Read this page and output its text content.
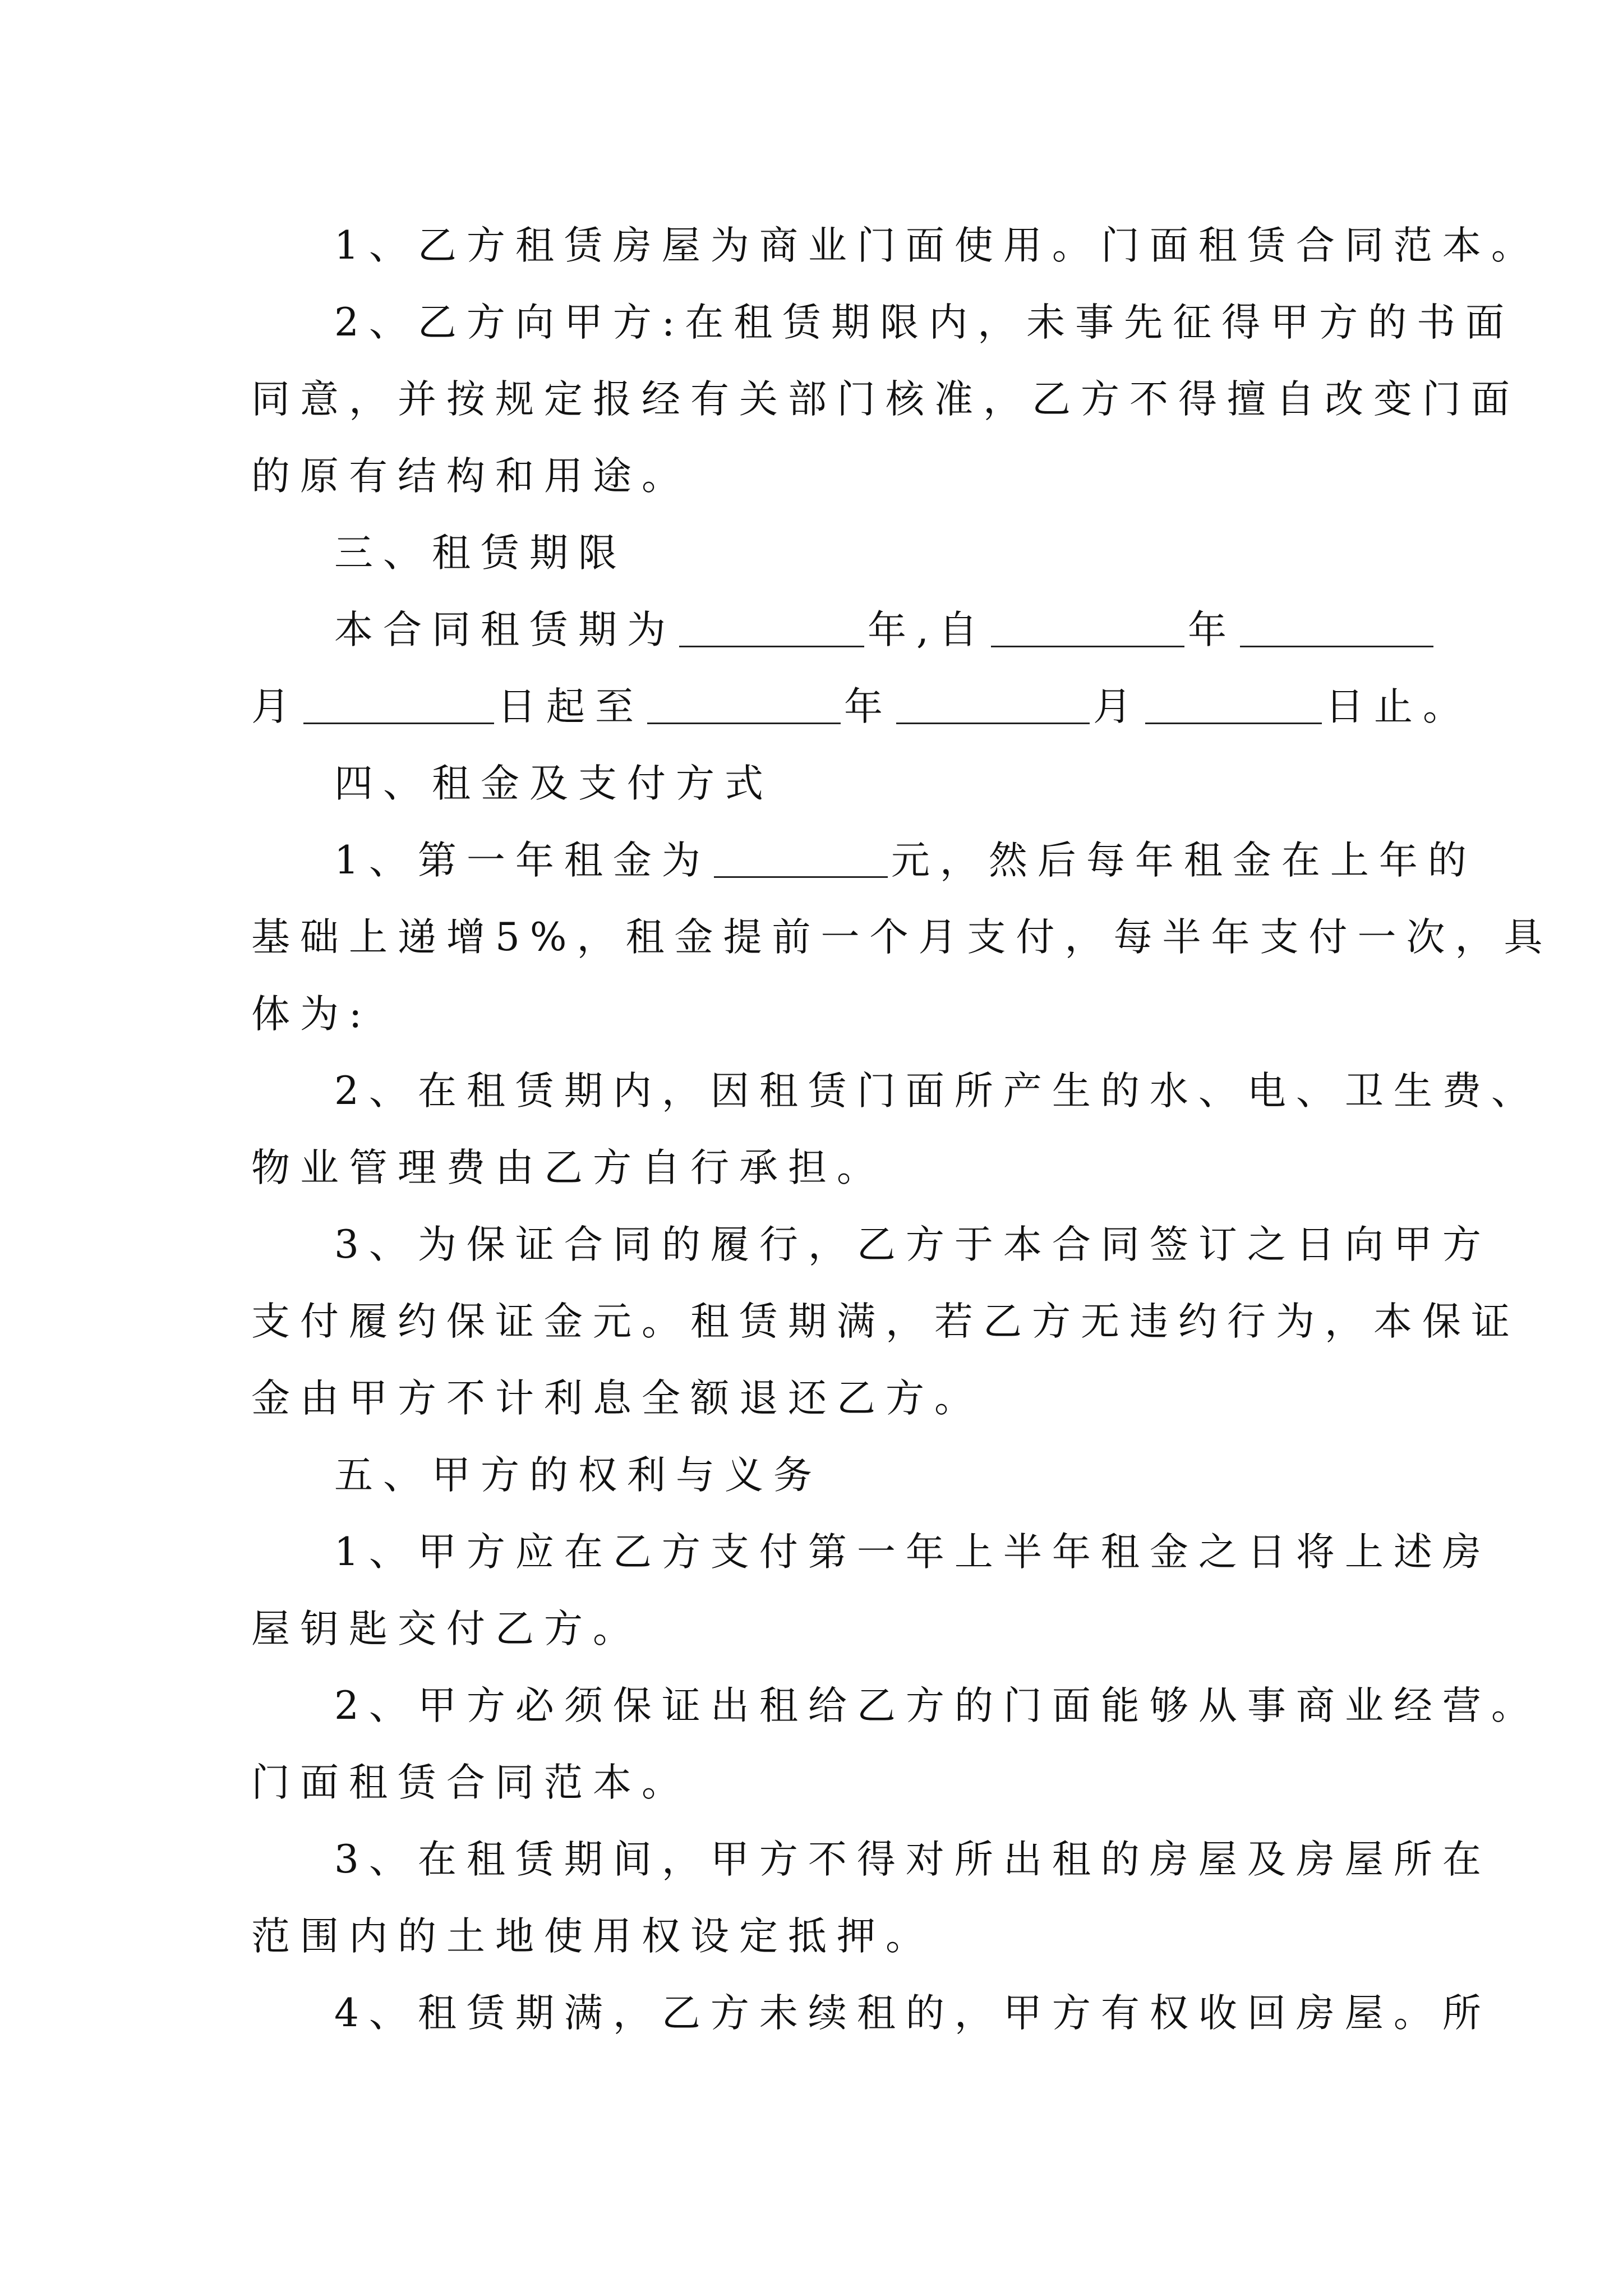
1、乙方租赁房屋为商业门面使用。门面租赁合同范本。
2、乙方向甲方:在租赁期限内，未事先征得甲方的书面
同意，并按规定报经有关部门核准，乙方不得擅自改变门面
的原有结构和用途。
三、租赁期限
本合同租赁期为	年,自	年
月	日起至	年	月	日止。
四、租金及支付方式
1、第一年租金为	元，然后每年租金在上年的
基础上递增5%，租金提前一个月支付，每半年支付一次，具
体为:
2、在租赁期内，因租赁门面所产生的水、电、卫生费、
物业管理费由乙方自行承担。
3、为保证合同的履行，乙方于本合同签订之日向甲方
支付履约保证金元。租赁期满，若乙方无违约行为，本保证
金由甲方不计利息全额退还乙方。
五、甲方的权利与义务
1、甲方应在乙方支付第一年上半年租金之日将上述房
屋钥匙交付乙方。
2、甲方必须保证出租给乙方的门面能够从事商业经营。
门面租赁合同范本。
3、在租赁期间，甲方不得对所出租的房屋及房屋所在
范围内的土地使用权设定抵押。
4、租赁期满，乙方未续租的，甲方有权收回房屋。所
